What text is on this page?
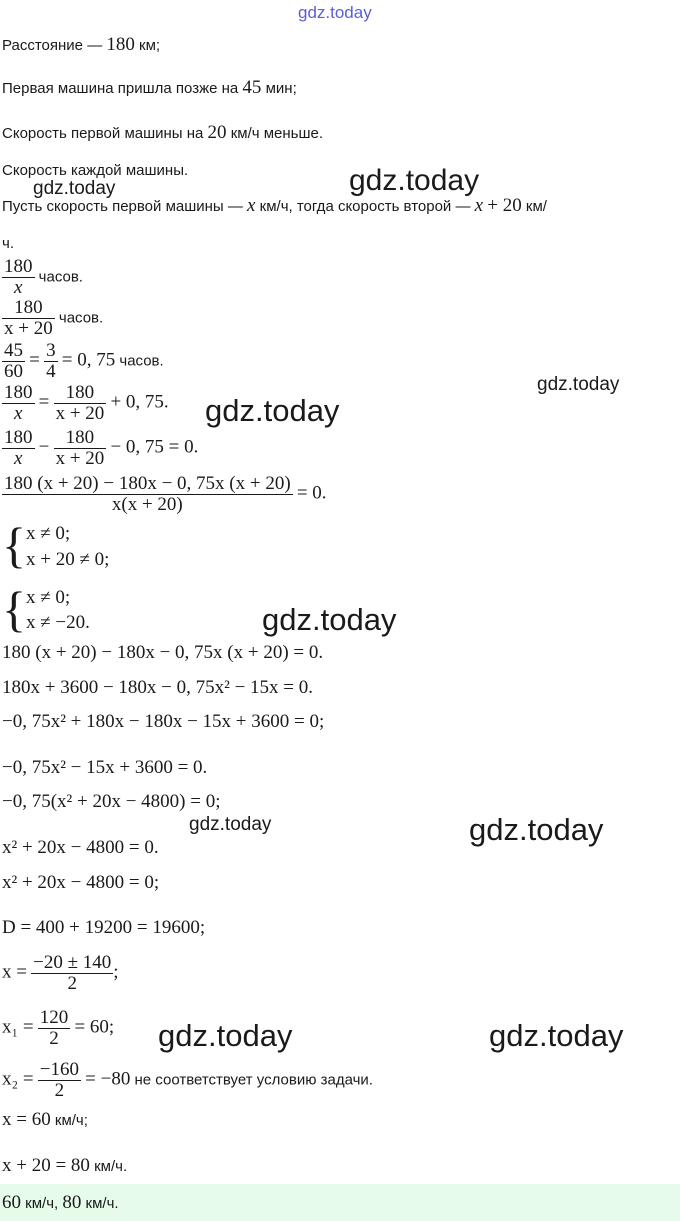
gdz.today
Расстояние — 180 км;
Первая машина пришла позже на 45 мин;
Скорость первой машины на 20 км/ч меньше.
Скорость каждой машины.
Пусть скорость первой машины — x км/ч, тогда скорость второй — x + 20 км/
ч.
$\frac{180}{x}$ часов.
$\frac{180}{x + 20}$ часов.
$\frac{45}{60} = \frac{3}{4} = 0$, 75 часов.
$\frac{180}{x} = \frac{180}{x + 20} + 0$, 75.
$\frac{180}{x} - \frac{180}{x + 20} - 0$, 75 = 0.
$\frac{180 (x + 20) - 180x - 0, 75x (x + 20)}{x(x + 20)} = 0$.
{ x ≠ 0;
x + 20 ≠ 0;
{ x ≠ 0;
x ≠ −20.
180 (x + 20) − 180x − 0, 75x (x + 20) = 0.
180x + 3600 − 180x − 0, 75x² − 15x = 0.
−0, 75x² + 180x − 180x − 15x + 3600 = 0;
−0, 75x² − 15x + 3600 = 0.
−0, 75(x² + 20x − 4800) = 0;
x² + 20x − 4800 = 0.
x² + 20x − 4800 = 0;
D = 400 + 19200 = 19600;
$x = \frac{-20 \pm 140}{2}$ ;
$x_1 = \frac{120}{2} = 60$;
$x_2 = \frac{-160}{2} = -80$ не соответствует условию задачи.
x = 60 км/ч;
x + 20 = 80 км/ч.
60 км/ч, 80 км/ч.
gdz.today	gdz.today
gdz.today
gdz.today
gdz.today
gdz.today	gdz.today
gdz.today	gdz.today
